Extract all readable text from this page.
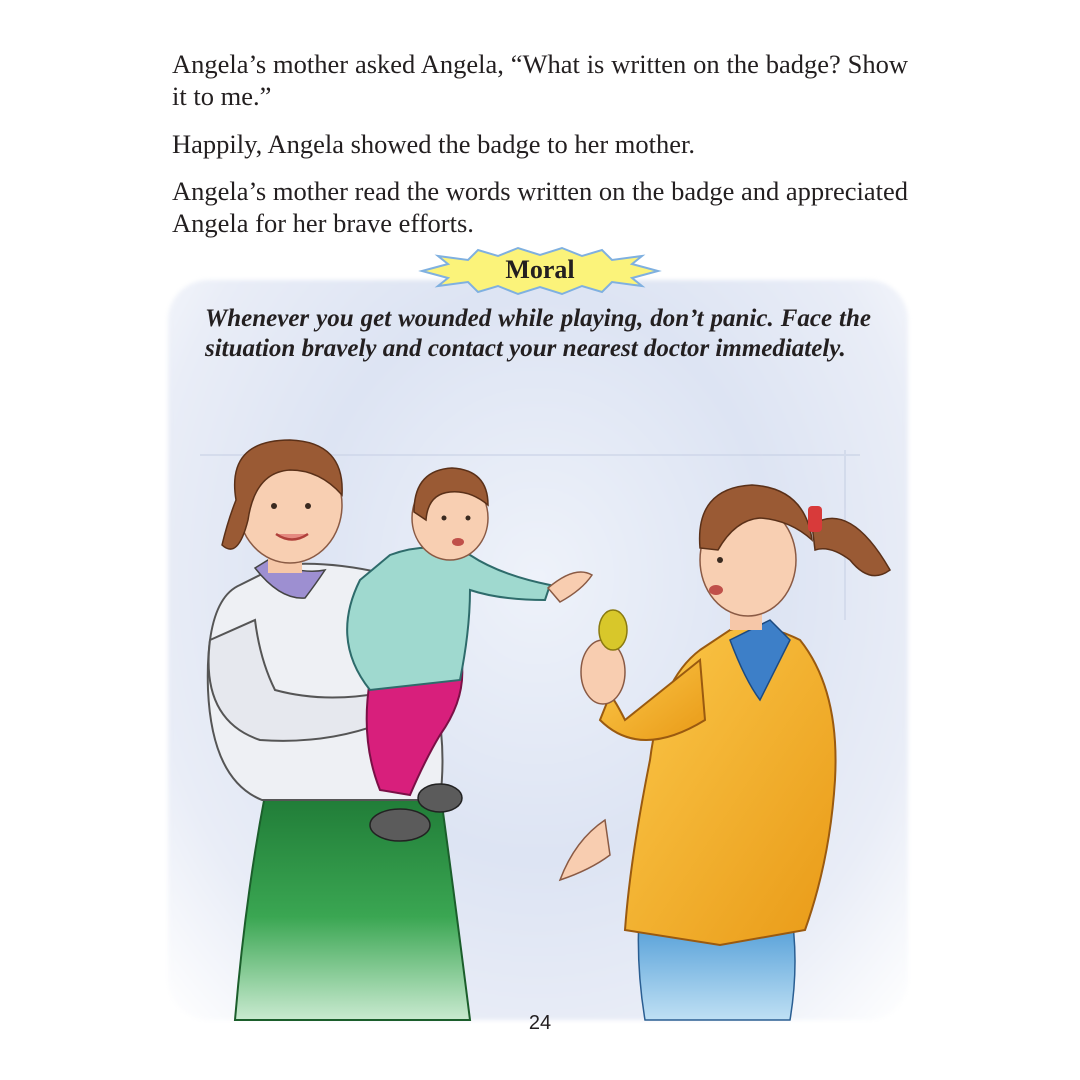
Angela’s mother asked Angela, “What is written on the badge? Show it to me.”

Happily, Angela showed the badge to her mother.

Angela’s mother read the words written on the badge and appreciated Angela for her brave efforts.

Moral

Whenever you get wounded while playing, don’t panic. Face the situation bravely and contact your nearest doctor immediately.

24
